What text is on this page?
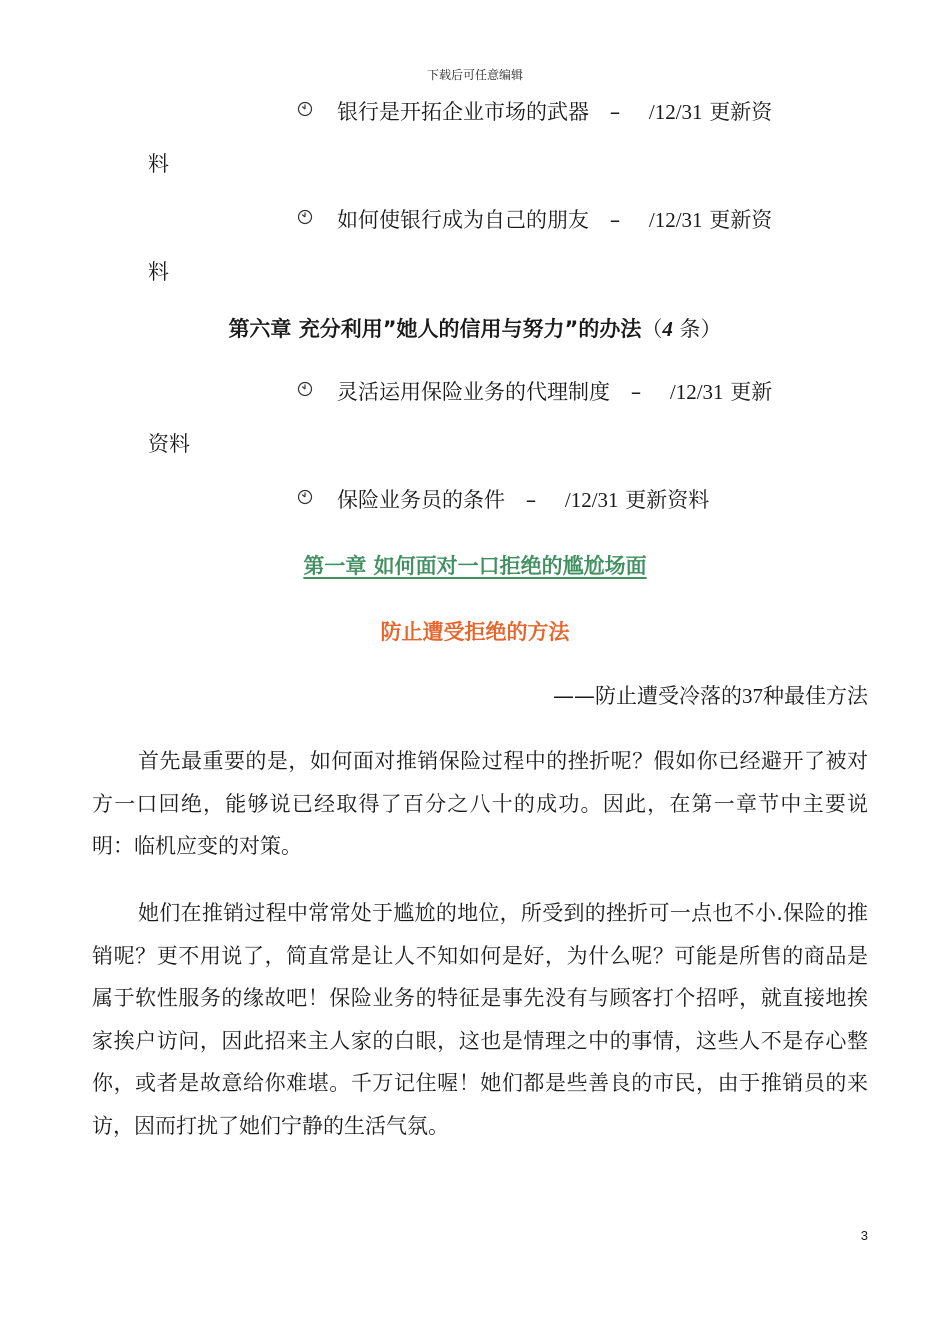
下载后可任意编辑
银行是开拓企业市场的武器 – /12/31 更新资
料
如何使银行成为自己的朋友 – /12/31 更新资
料
第六章 充分利用”她人的信用与努力”的办法（4 条）
灵活运用保险业务的代理制度 – /12/31 更新
资料
保险业务员的条件 – /12/31 更新资料
第一章 如何面对一口拒绝的尴尬场面
防止遭受拒绝的方法
——防止遭受冷落的37种最佳方法
首先最重要的是，如何面对推销保险过程中的挫折呢？假如你已经避开了被对方一口回绝，能够说已经取得了百分之八十的成功。因此，在第一章节中主要说明：临机应变的对策。
她们在推销过程中常常处于尴尬的地位，所受到的挫折可一点也不小.保险的推销呢？更不用说了，简直常是让人不知如何是好，为什么呢？可能是所售的商品是属于软性服务的缘故吧！保险业务的特征是事先没有与顾客打个招呼，就直接地挨家挨户访问，因此招来主人家的白眼，这也是情理之中的事情，这些人不是存心整你，或者是故意给你难堪。千万记住喔！她们都是些善良的市民，由于推销员的来访，因而打扰了她们宁静的生活气氛。
3
